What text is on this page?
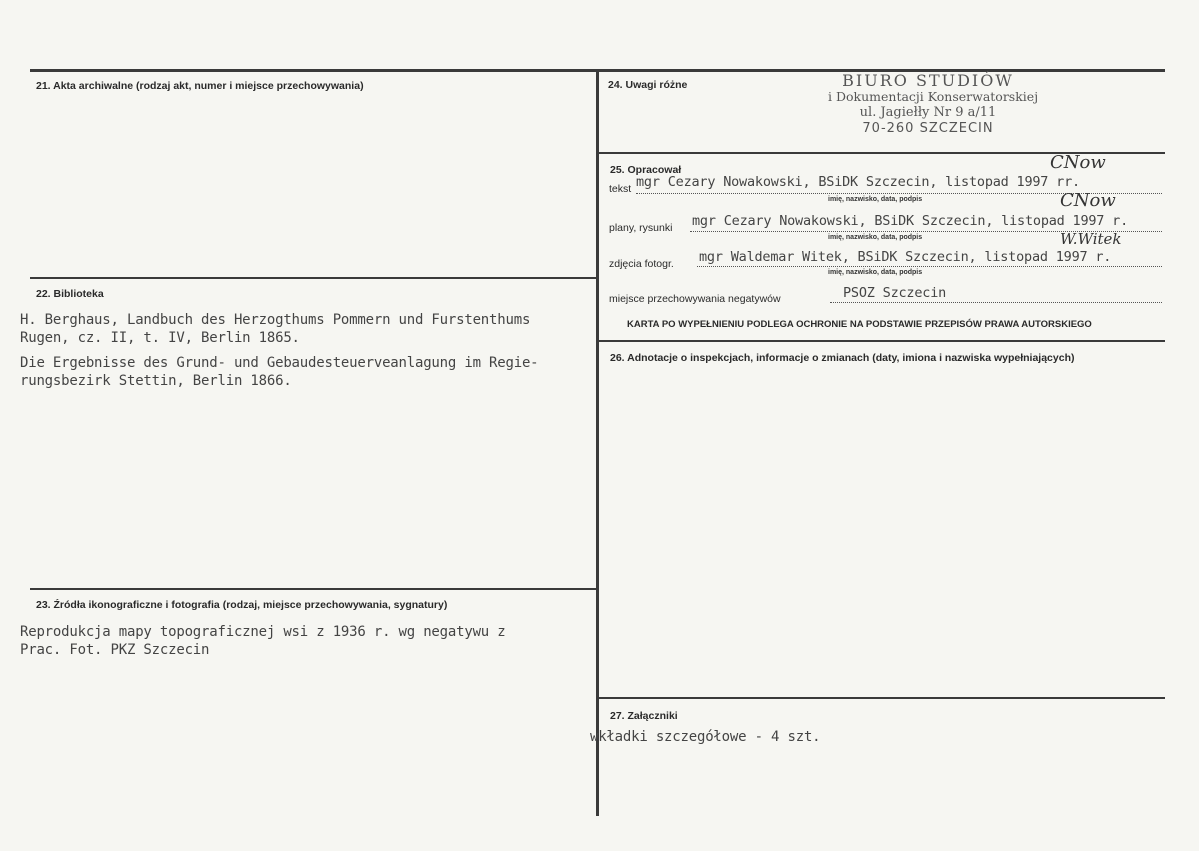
21. Akta archiwalne (rodzaj akt, numer i miejsce przechowywania)
22. Biblioteka
H. Berghaus, Landbuch des Herzogthums Pommern und Furstenthums
Rugen, cz. II, t. IV, Berlin 1865.
Die Ergebnisse des Grund- und Gebaudesteuerveanlagung im Regie-
rungsbezirk Stettin, Berlin 1866.
23. Źródła ikonograficzne i fotografia (rodzaj, miejsce przechowywania, sygnatury)
Reprodukcja mapy topograficznej wsi z 1936 r. wg negatywu z
Prac. Fot. PKZ Szczecin
24. Uwagi różne	BIURO STUDIÓW
i Dokumentacji Konserwatorskiej
ul. Jagiełły Nr 9 a/11
70-260 SZCZECIN
25. Opracował
tekst mgr Cezary Nowakowski, BSiDK Szczecin, listopad 1997 rr.
imię, nazwisko, data, podpis
CNow
plany, rysunki mgr Cezary Nowakowski, BSiDK Szczecin, listopad 1997 r.
imię, nazwisko, data, podpis
CNow
zdjęcia fotogr. mgr Waldemar Witek, BSiDK Szczecin, listopad 1997 r.
imię, nazwisko, data, podpis
W.Witek
miejsce przechowywania negatywów	PSOZ Szczecin
KARTA PO WYPEŁNIENIU PODLEGA OCHRONIE NA PODSTAWIE PRZEPISÓW PRAWA AUTORSKIEGO
26. Adnotacje o inspekcjach, informacje o zmianach (daty, imiona i nazwiska wypełniających)
27. Załączniki
wkładki szczegółowe - 4 szt.
